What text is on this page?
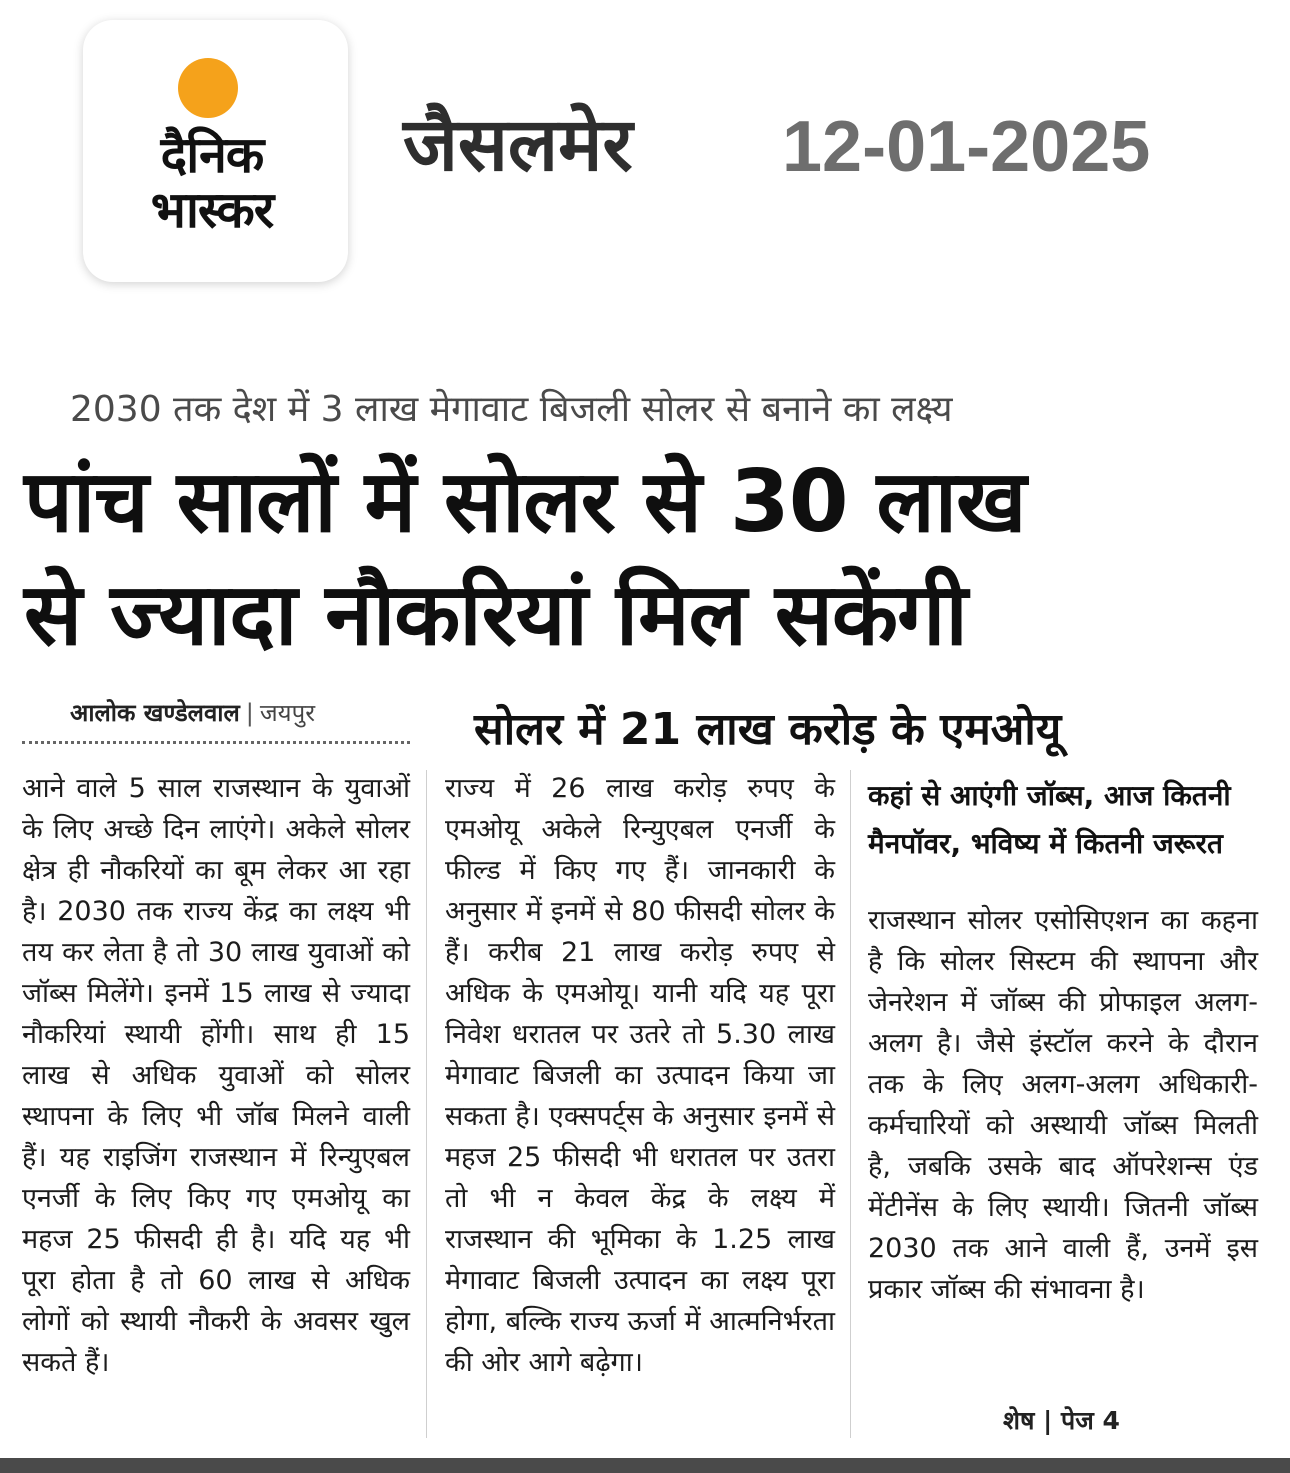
दैनिक
भास्कर
जैसलमेर 12-01-2025
2030 तक देश में 3 लाख मेगावाट बिजली सोलर से बनाने का लक्ष्य
पांच सालों में सोलर से 30 लाख
से ज्यादा नौकरियां मिल सकेंगी
आलोक खण्डेलवाल | जयपुर	सोलर में 21 लाख करोड़ के एमओयू
आने वाले 5 साल राजस्थान के युवाओं के लिए अच्छे दिन लाएंगे। अकेले सोलर क्षेत्र ही नौकरियों का बूम लेकर आ रहा है। 2030 तक राज्य केंद्र का लक्ष्य भी तय कर लेता है तो 30 लाख युवाओं को जॉब्स मिलेंगे। इनमें 15 लाख से ज्यादा नौकरियां स्थायी होंगी। साथ ही 15 लाख से अधिक युवाओं को सोलर स्थापना के लिए भी जॉब मिलने वाली हैं। यह राइजिंग राजस्थान में रिन्युएबल एनर्जी के लिए किए गए एमओयू का महज 25 फीसदी ही है। यदि यह भी पूरा होता है तो 60 लाख से अधिक लोगों को स्थायी नौकरी के अवसर खुल सकते हैं।
राज्य में 26 लाख करोड़ रुपए के एमओयू अकेले रिन्युएबल एनर्जी के फील्ड में किए गए हैं। जानकारी के अनुसार में इनमें से 80 फीसदी सोलर के हैं। करीब 21 लाख करोड़ रुपए से अधिक के एमओयू। यानी यदि यह पूरा निवेश धरातल पर उतरे तो 5.30 लाख मेगावाट बिजली का उत्पादन किया जा सकता है। एक्सपर्ट्स के अनुसार इनमें से महज 25 फीसदी भी धरातल पर उतरा तो भी न केवल केंद्र के लक्ष्य में राजस्थान की भूमिका के 1.25 लाख मेगावाट बिजली उत्पादन का लक्ष्य पूरा होगा, बल्कि राज्य ऊर्जा में आत्मनिर्भरता की ओर आगे बढ़ेगा।
कहां से आएंगी जॉब्स, आज कितनी मैनपॉवर, भविष्य में कितनी जरूरत
राजस्थान सोलर एसोसिएशन का कहना है कि सोलर सिस्टम की स्थापना और जेनरेशन में जॉब्स की प्रोफाइल अलग-अलग है। जैसे इंस्टॉल करने के दौरान तक के लिए अलग-अलग अधिकारी-कर्मचारियों को अस्थायी जॉब्स मिलती है, जबकि उसके बाद ऑपरेशन्स एंड मेंटीनेंस के लिए स्थायी। जितनी जॉब्स 2030 तक आने वाली हैं, उनमें इस प्रकार जॉब्स की संभावना है।
शेष | पेज 4
